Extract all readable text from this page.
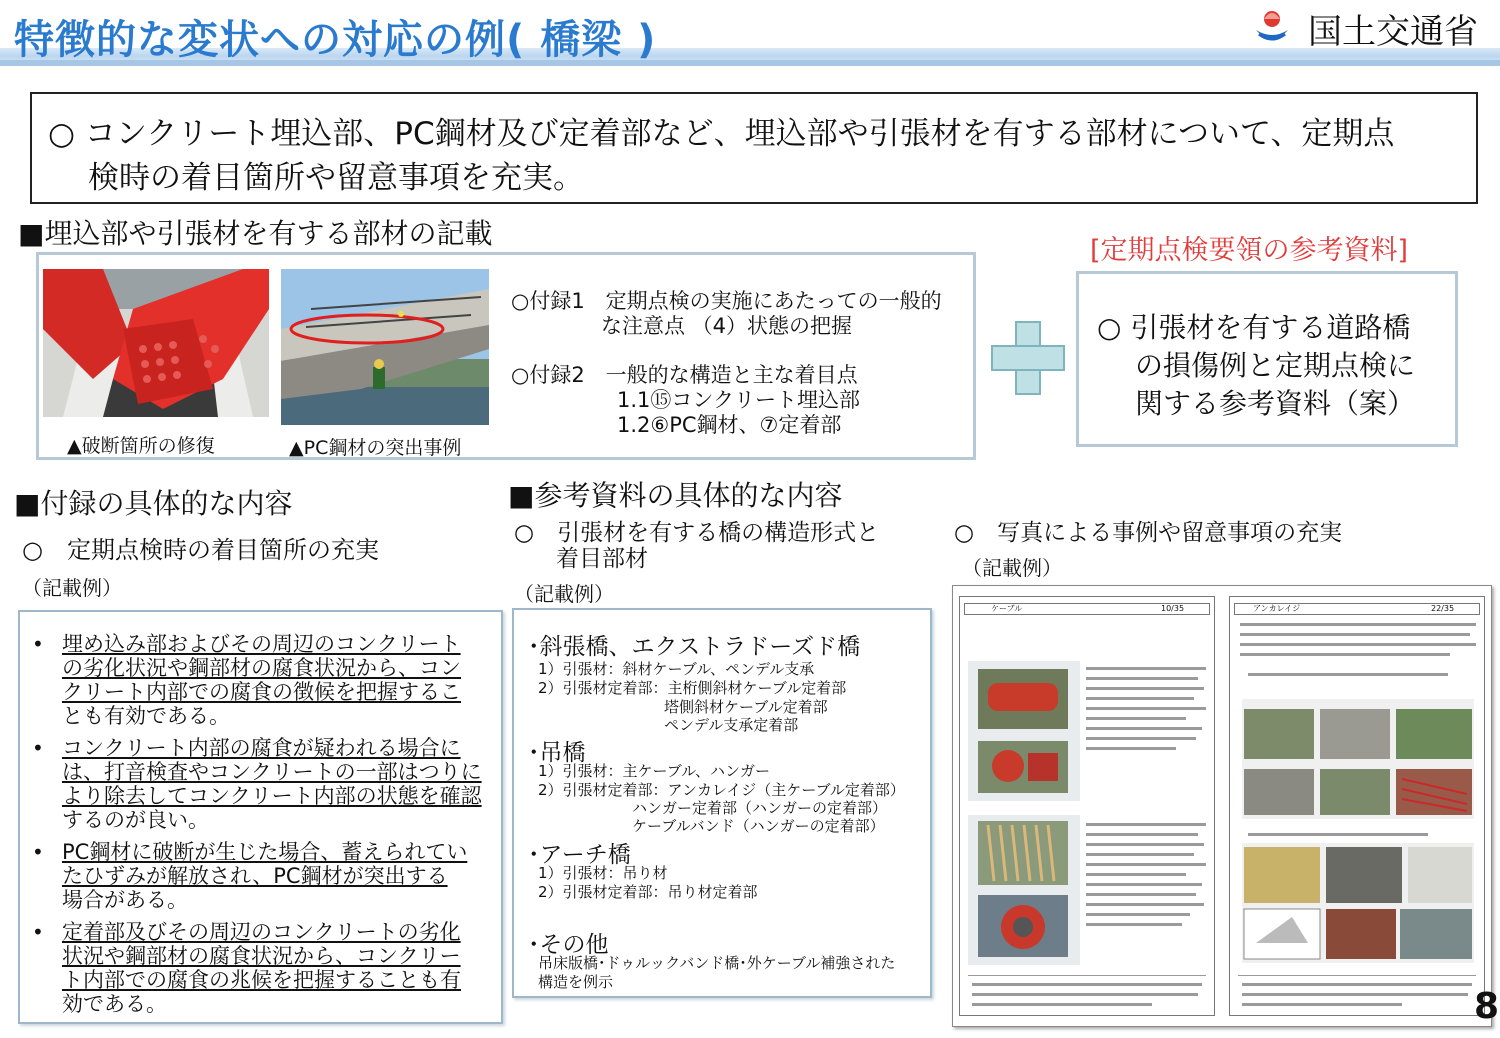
特徴的な変状への対応の例( 橋梁 )	国土交通省
○ コンクリート埋込部、PC鋼材及び定着部など、埋込部や引張材を有する部材について、定期点
検時の着目箇所や留意事項を充実。
■埋込部や引張材を有する部材の記載
▲破断箇所の修復	▲PC鋼材の突出事例
○付録1　定期点検の実施にあたっての一般的
な注意点 （4）状態の把握
○付録2　一般的な構造と主な着目点
1.1⑮コンクリート埋込部
1.2⑥PC鋼材、⑦定着部
[定期点検要領の参考資料]
○ 引張材を有する道路橋
の損傷例と定期点検に
関する参考資料（案）
■付録の具体的な内容
○　定期点検時の着目箇所の充実
（記載例）
• 埋め込み部およびその周辺のコンクリート
の劣化状況や鋼部材の腐食状況から、コン
クリート内部での腐食の徴候を把握するこ
とも有効である。
• コンクリート内部の腐食が疑われる場合に
は、打音検査やコンクリートの一部はつりに
より除去してコンクリート内部の状態を確認
するのが良い。
• PC鋼材に破断が生じた場合、蓄えられてい
たひずみが解放され、PC鋼材が突出する
場合がある。
• 定着部及びその周辺のコンクリートの劣化
状況や鋼部材の腐食状況から、コンクリー
ト内部での腐食の兆候を把握することも有
効である。
■参考資料の具体的な内容
○　引張材を有する橋の構造形式と
着目部材
（記載例）
○　写真による事例や留意事項の充実
（記載例）
･斜張橋、エクストラドーズド橋
1）引張材：斜材ケーブル、ペンデル支承
2）引張材定着部：主桁側斜材ケーブル定着部
塔側斜材ケーブル定着部
ペンデル支承定着部
･吊橋
1）引張材：主ケーブル、ハンガー
2）引張材定着部：アンカレイジ（主ケーブル定着部）
ハンガー定着部（ハンガーの定着部）
ケーブルバンド（ハンガーの定着部）
･アーチ橋
1）引張材：吊り材
2）引張材定着部：吊り材定着部
･その他
吊床版橋･ドゥルックバンド橋･外ケーブル補強された
構造を例示
ケーブル	10/35	アンカレイジ	22/35
8
